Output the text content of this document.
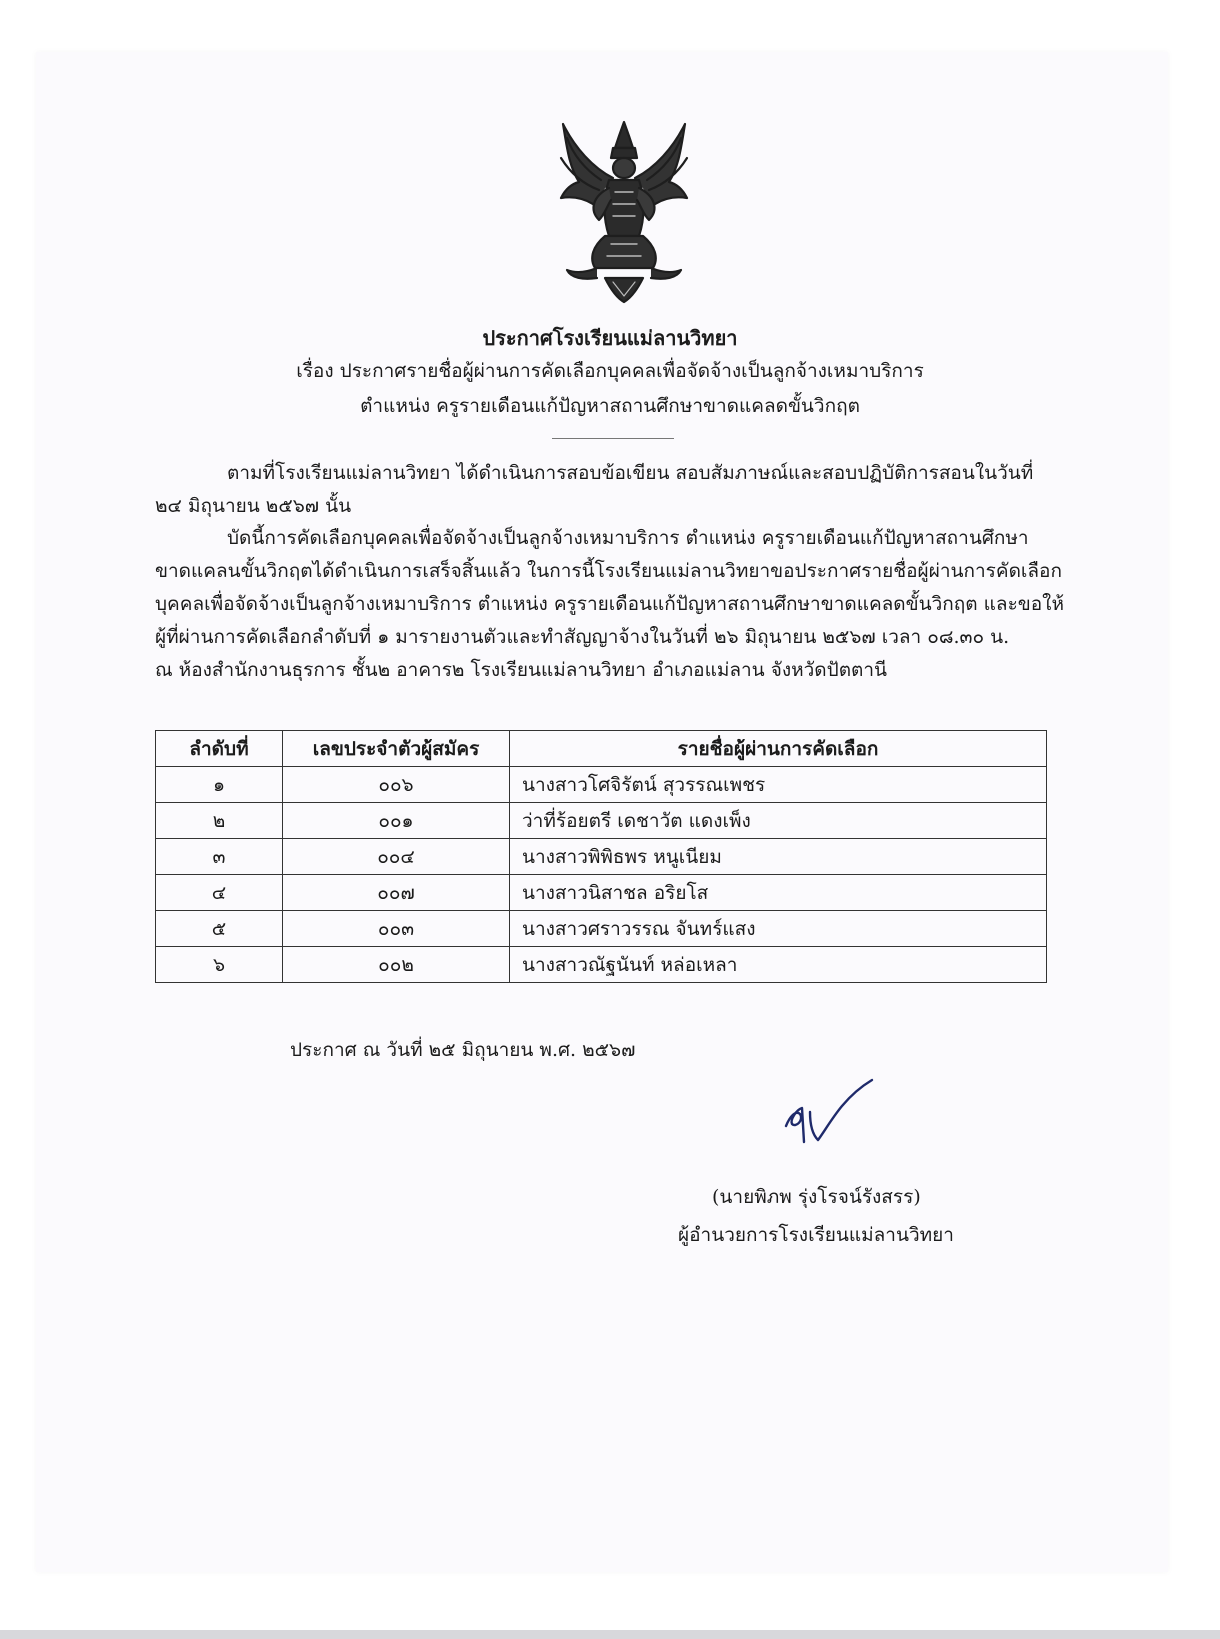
ประกาศโรงเรียนแม่ลานวิทยา
เรื่อง ประกาศรายชื่อผู้ผ่านการคัดเลือกบุคคลเพื่อจัดจ้างเป็นลูกจ้างเหมาบริการ
ตำแหน่ง ครูรายเดือนแก้ปัญหาสถานศึกษาขาดแคลดขั้นวิกฤต
ตามที่โรงเรียนแม่ลานวิทยา ได้ดำเนินการสอบข้อเขียน สอบสัมภาษณ์และสอบปฏิบัติการสอนในวันที่
๒๔ มิถุนายน ๒๕๖๗ นั้น
บัดนี้การคัดเลือกบุคคลเพื่อจัดจ้างเป็นลูกจ้างเหมาบริการ ตำแหน่ง ครูรายเดือนแก้ปัญหาสถานศึกษา
ขาดแคลนขั้นวิกฤตได้ดำเนินการเสร็จสิ้นแล้ว ในการนี้โรงเรียนแม่ลานวิทยาขอประกาศรายชื่อผู้ผ่านการคัดเลือก
บุคคลเพื่อจัดจ้างเป็นลูกจ้างเหมาบริการ ตำแหน่ง ครูรายเดือนแก้ปัญหาสถานศึกษาขาดแคลดขั้นวิกฤต และขอให้
ผู้ที่ผ่านการคัดเลือกลำดับที่ ๑ มารายงานตัวและทำสัญญาจ้างในวันที่ ๒๖ มิถุนายน ๒๕๖๗ เวลา ๐๘.๓๐ น.
ณ ห้องสำนักงานธุรการ ชั้น๒ อาคาร๒ โรงเรียนแม่ลานวิทยา อำเภอแม่ลาน จังหวัดปัตตานี
ลำดับที่	เลขประจำตัวผู้สมัคร	รายชื่อผู้ผ่านการคัดเลือก
๑	๐๐๖	นางสาวโศจิรัตน์ สุวรรณเพชร
๒	๐๐๑	ว่าที่ร้อยตรี เดชาวัต แดงเพ็ง
๓	๐๐๔	นางสาวพิพิธพร หนูเนียม
๔	๐๐๗	นางสาวนิสาชล อริยโส
๕	๐๐๓	นางสาวศราวรรณ จันทร์แสง
๖	๐๐๒	นางสาวณัฐนันท์ หล่อเหลา
ประกาศ ณ วันที่ ๒๕ มิถุนายน พ.ศ. ๒๕๖๗
(นายพิภพ รุ่งโรจน์รังสรร)
ผู้อำนวยการโรงเรียนแม่ลานวิทยา
